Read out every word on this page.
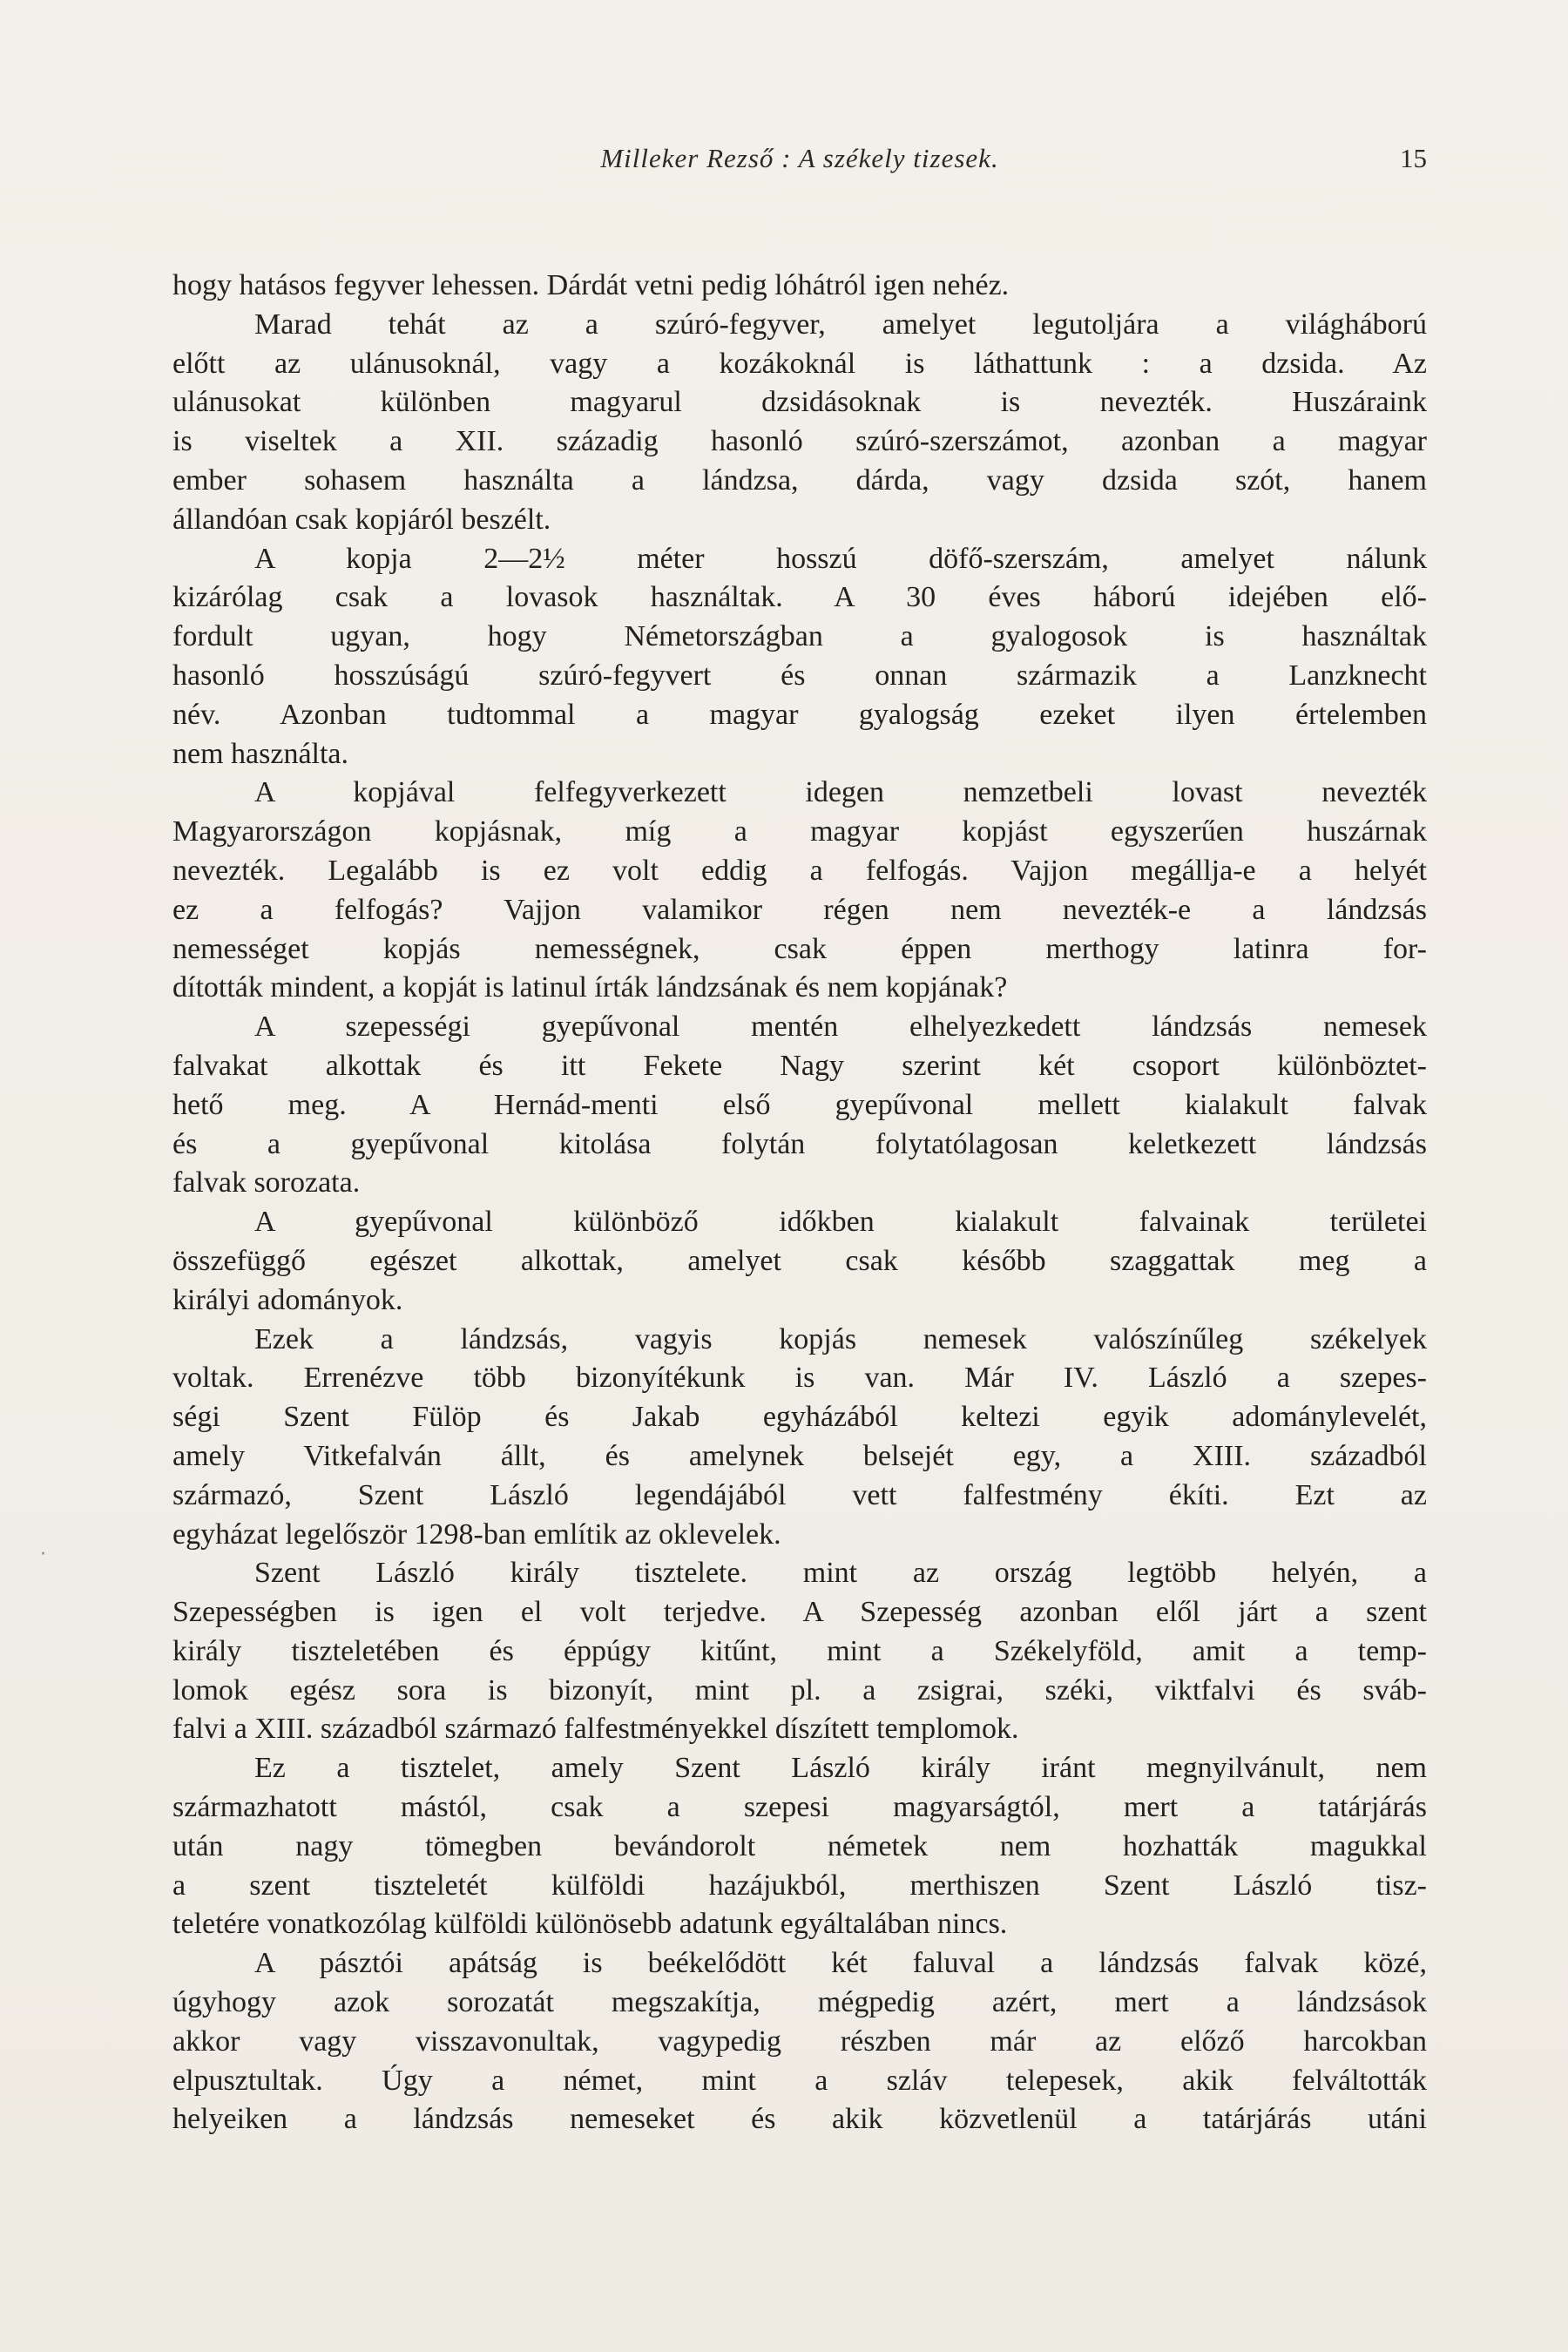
Milleker Rezső : A székely tizesek.	15
hogy hatásos fegyver lehessen. Dárdát vetni pedig lóhátról igen nehéz.
Marad tehát az a szúró-fegyver, amelyet legutoljára a világháború
előtt az ulánusoknál, vagy a kozákoknál is láthattunk : a dzsida. Az
ulánusokat különben magyarul dzsidásoknak is nevezték. Huszáraink
is viseltek a XII. századig hasonló szúró-szerszámot, azonban a magyar
ember sohasem használta a lándzsa, dárda, vagy dzsida szót, hanem
állandóan csak kopjáról beszélt.
A kopja 2—2½ méter hosszú döfő-szerszám, amelyet nálunk
kizárólag csak a lovasok használtak. A 30 éves háború idejében elő-
fordult ugyan, hogy Németországban a gyalogosok is használtak
hasonló hosszúságú szúró-fegyvert és onnan származik a Lanzknecht
név. Azonban tudtommal a magyar gyalogság ezeket ilyen értelemben
nem használta.
A kopjával felfegyverkezett idegen nemzetbeli lovast nevezték
Magyarországon kopjásnak, míg a magyar kopjást egyszerűen huszárnak
nevezték. Legalább is ez volt eddig a felfogás. Vajjon megállja-e a helyét
ez a felfogás? Vajjon valamikor régen nem nevezték-e a lándzsás
nemességet kopjás nemességnek, csak éppen merthogy latinra for-
dították mindent, a kopját is latinul írták lándzsának és nem kopjának?
A szepességi gyepűvonal mentén elhelyezkedett lándzsás nemesek
falvakat alkottak és itt Fekete Nagy szerint két csoport különböztet-
hető meg. A Hernád-menti első gyepűvonal mellett kialakult falvak
és a gyepűvonal kitolása folytán folytatólagosan keletkezett lándzsás
falvak sorozata.
A gyepűvonal különböző időkben kialakult falvainak területei
összefüggő egészet alkottak, amelyet csak később szaggattak meg a
királyi adományok.
Ezek a lándzsás, vagyis kopjás nemesek valószínűleg székelyek
voltak. Errenézve több bizonyítékunk is van. Már IV. László a szepes-
ségi Szent Fülöp és Jakab egyházából keltezi egyik adománylevelét,
amely Vitkefalván állt, és amelynek belsejét egy, a XIII. századból
származó, Szent László legendájából vett falfestmény ékíti. Ezt az
egyházat legelőször 1298-ban említik az oklevelek.
Szent László király tisztelete. mint az ország legtöbb helyén, a
Szepességben is igen el volt terjedve. A Szepesség azonban elől járt a szent
király tiszteletében és éppúgy kitűnt, mint a Székelyföld, amit a temp-
lomok egész sora is bizonyít, mint pl. a zsigrai, széki, viktfalvi és sváb-
falvi a XIII. századból származó falfestményekkel díszített templomok.
Ez a tisztelet, amely Szent László király iránt megnyilvánult, nem
származhatott mástól, csak a szepesi magyarságtól, mert a tatárjárás
után nagy tömegben bevándorolt németek nem hozhatták magukkal
a szent tiszteletét külföldi hazájukból, merthiszen Szent László tisz-
teletére vonatkozólag külföldi különösebb adatunk egyáltalában nincs.
A pásztói apátság is beékelődött két faluval a lándzsás falvak közé,
úgyhogy azok sorozatát megszakítja, mégpedig azért, mert a lándzsások
akkor vagy visszavonultak, vagypedig részben már az előző harcokban
elpusztultak. Úgy a német, mint a szláv telepesek, akik felváltották
helyeiken a lándzsás nemeseket és akik közvetlenül a tatárjárás utáni
·
